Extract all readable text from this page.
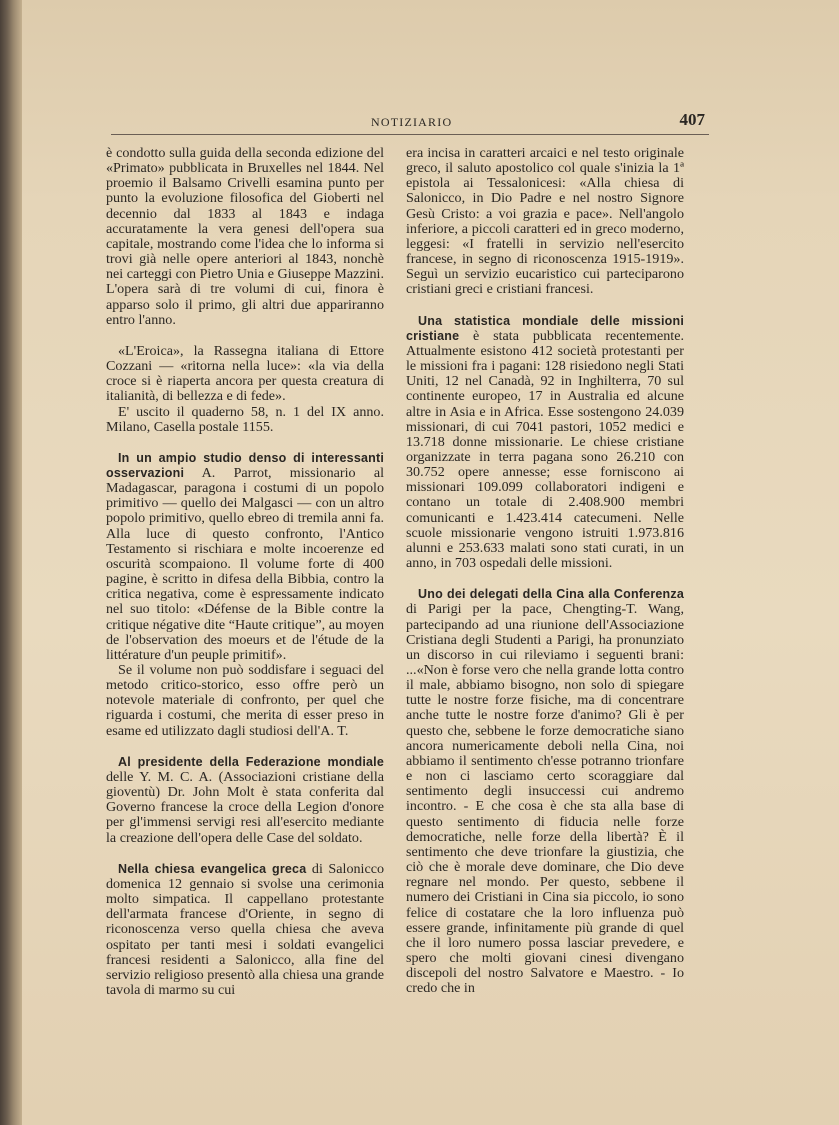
NOTIZIARIO	407

è condotto sulla guida della seconda edizione del «Primato» pubblicata in Bruxelles nel 1844. Nel proemio il Balsamo Crivelli esamina punto per punto la evoluzione filosofica del Gioberti nel decennio dal 1833 al 1843 e indaga accuratamente la vera genesi dell'opera sua capitale, mostrando come l'idea che lo informa si trovi già nelle opere anteriori al 1843, nonchè nei carteggi con Pietro Unia e Giuseppe Mazzini. L'opera sarà di tre volumi di cui, finora è apparso solo il primo, gli altri due appariranno entro l'anno.

«L'Eroica», la Rassegna italiana di Ettore Cozzani — «ritorna nella luce»: «la via della croce si è riaperta ancora per questa creatura di italianità, di bellezza e di fede».

E' uscito il quaderno 58, n. 1 del IX anno. Milano, Casella postale 1155.

In un ampio studio denso di interessanti osservazioni A. Parrot, missionario al Madagascar, paragona i costumi di un popolo primitivo — quello dei Malgasci — con un altro popolo primitivo, quello ebreo di tremila anni fa. Alla luce di questo confronto, l'Antico Testamento si rischiara e molte incoerenze ed oscurità scompaiono. Il volume forte di 400 pagine, è scritto in difesa della Bibbia, contro la critica negativa, come è espressamente indicato nel suo titolo: «Défense de la Bible contre la critique négative dite “Haute critique”, au moyen de l'observation des moeurs et de l'étude de la littérature d'un peuple primitif».

Se il volume non può soddisfare i seguaci del metodo critico-storico, esso offre però un notevole materiale di confronto, per quel che riguarda i costumi, che merita di esser preso in esame ed utilizzato dagli studiosi dell'A. T.

Al presidente della Federazione mondiale delle Y. M. C. A. (Associazioni cristiane della gioventù) Dr. John Molt è stata conferita dal Governo francese la croce della Legion d'onore per gl'immensi servigi resi all'esercito mediante la creazione dell'opera delle Case del soldato.

Nella chiesa evangelica greca di Salonicco domenica 12 gennaio si svolse una cerimonia molto simpatica. Il cappellano protestante dell'armata francese d'Oriente, in segno di riconoscenza verso quella chiesa che aveva ospitato per tanti mesi i soldati evangelici francesi residenti a Salonicco, alla fine del servizio religioso presentò alla chiesa una grande tavola di marmo su cui

era incisa in caratteri arcaici e nel testo originale greco, il saluto apostolico col quale s'inizia la 1ª epistola ai Tessalonicesi: «Alla chiesa di Salonicco, in Dio Padre e nel nostro Signore Gesù Cristo: a voi grazia e pace». Nell'angolo inferiore, a piccoli caratteri ed in greco moderno, leggesi: «I fratelli in servizio nell'esercito francese, in segno di riconoscenza 1915-1919». Seguì un servizio eucaristico cui parteciparono cristiani greci e cristiani francesi.

Una statistica mondiale delle missioni cristiane è stata pubblicata recentemente. Attualmente esistono 412 società protestanti per le missioni fra i pagani: 128 risiedono negli Stati Uniti, 12 nel Canadà, 92 in Inghilterra, 70 sul continente europeo, 17 in Australia ed alcune altre in Asia e in Africa. Esse sostengono 24.039 missionari, di cui 7041 pastori, 1052 medici e 13.718 donne missionarie. Le chiese cristiane organizzate in terra pagana sono 26.210 con 30.752 opere annesse; esse forniscono ai missionari 109.099 collaboratori indigeni e contano un totale di 2.408.900 membri comunicanti e 1.423.414 catecumeni. Nelle scuole missionarie vengono istruiti 1.973.816 alunni e 253.633 malati sono stati curati, in un anno, in 703 ospedali delle missioni.

Uno dei delegati della Cina alla Conferenza di Parigi per la pace, Chengting-T. Wang, partecipando ad una riunione dell'Associazione Cristiana degli Studenti a Parigi, ha pronunziato un discorso in cui rileviamo i seguenti brani: ...«Non è forse vero che nella grande lotta contro il male, abbiamo bisogno, non solo di spiegare tutte le nostre forze fisiche, ma di concentrare anche tutte le nostre forze d'animo? Gli è per questo che, sebbene le forze democratiche siano ancora numericamente deboli nella Cina, noi abbiamo il sentimento ch'esse potranno trionfare e non ci lasciamo certo scoraggiare dal sentimento degli insuccessi cui andremo incontro. - E che cosa è che sta alla base di questo sentimento di fiducia nelle forze democratiche, nelle forze della libertà? È il sentimento che deve trionfare la giustizia, che ciò che è morale deve dominare, che Dio deve regnare nel mondo. Per questo, sebbene il numero dei Cristiani in Cina sia piccolo, io sono felice di costatare che la loro influenza può essere grande, infinitamente più grande di quel che il loro numero possa lasciar prevedere, e spero che molti giovani cinesi divengano discepoli del nostro Salvatore e Maestro. - Io credo che in
